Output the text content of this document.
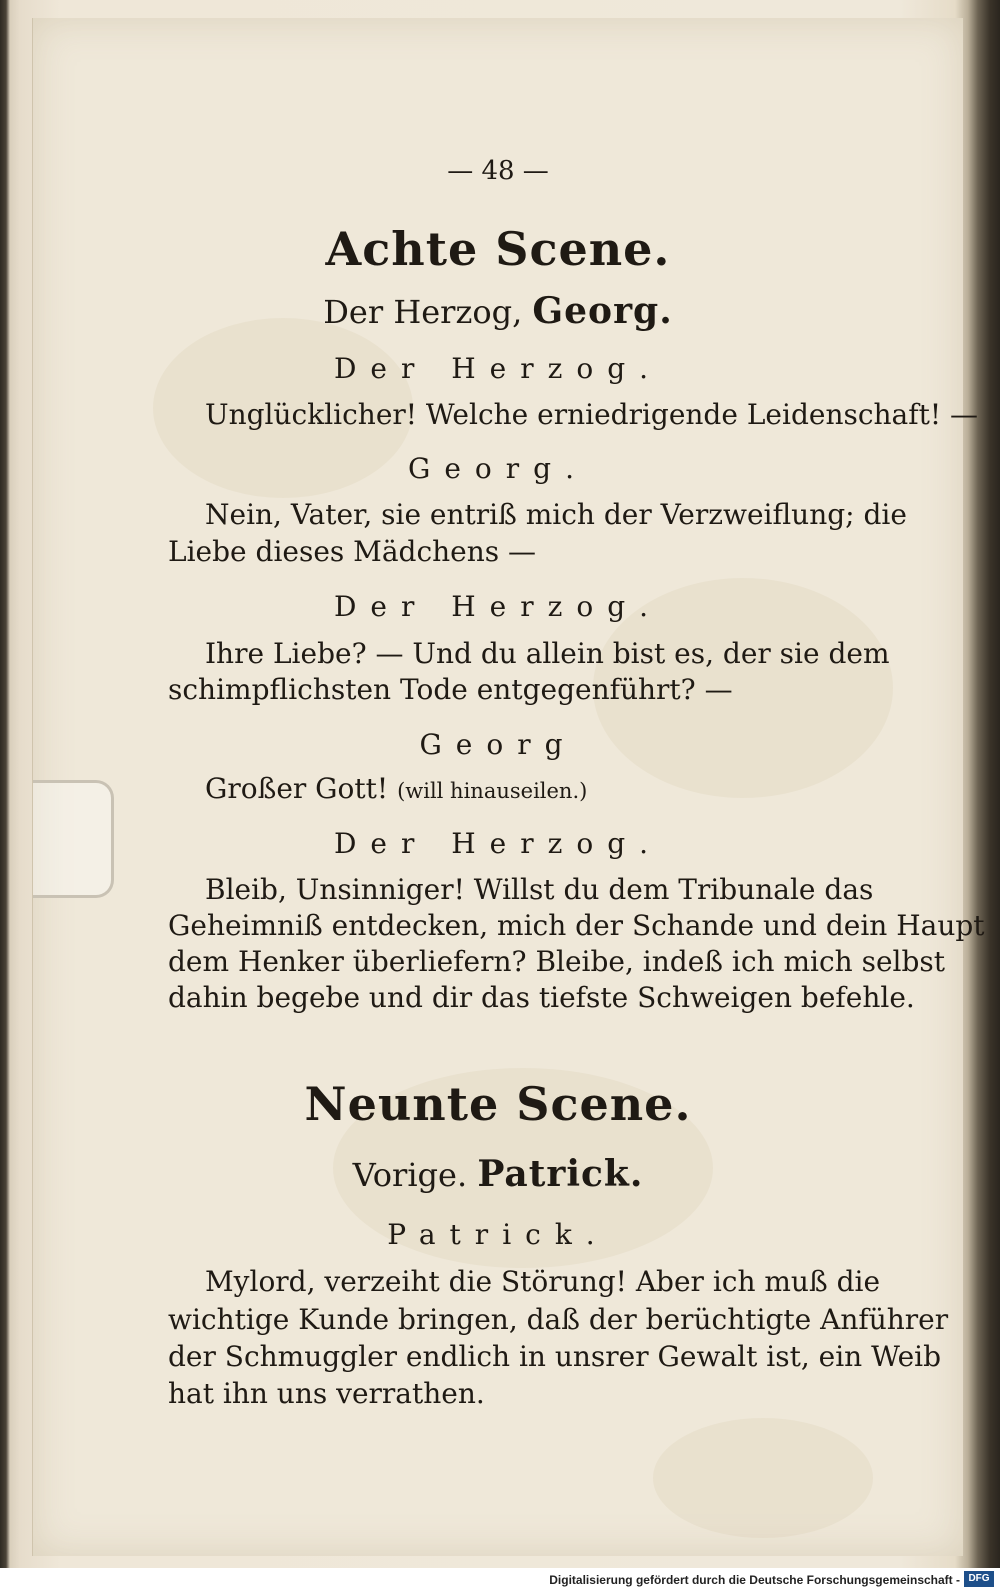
— 48 —
Achte Scene.
Der Herzog, Georg.
Der Herzog.
Unglücklicher! Welche erniedrigende Leidenschaft! —
Georg.
Nein, Vater, sie entriß mich der Verzweiflung; die
Liebe dieses Mädchens —
Der Herzog.
Ihre Liebe? — Und du allein bist es, der sie dem
schimpflichsten Tode entgegenführt? —
Georg
Großer Gott! (will hinauseilen.)
Der Herzog.
Bleib, Unsinniger! Willst du dem Tribunale das
Geheimniß entdecken, mich der Schande und dein Haupt
dem Henker überliefern? Bleibe, indeß ich mich selbst
dahin begebe und dir das tiefste Schweigen befehle.
Neunte Scene.
Vorige. Patrick.
Patrick.
Mylord, verzeiht die Störung! Aber ich muß die
wichtige Kunde bringen, daß der berüchtigte Anführer
der Schmuggler endlich in unsrer Gewalt ist, ein Weib
hat ihn uns verrathen.
Digitalisierung gefördert durch die Deutsche Forschungsgemeinschaft - DFG
